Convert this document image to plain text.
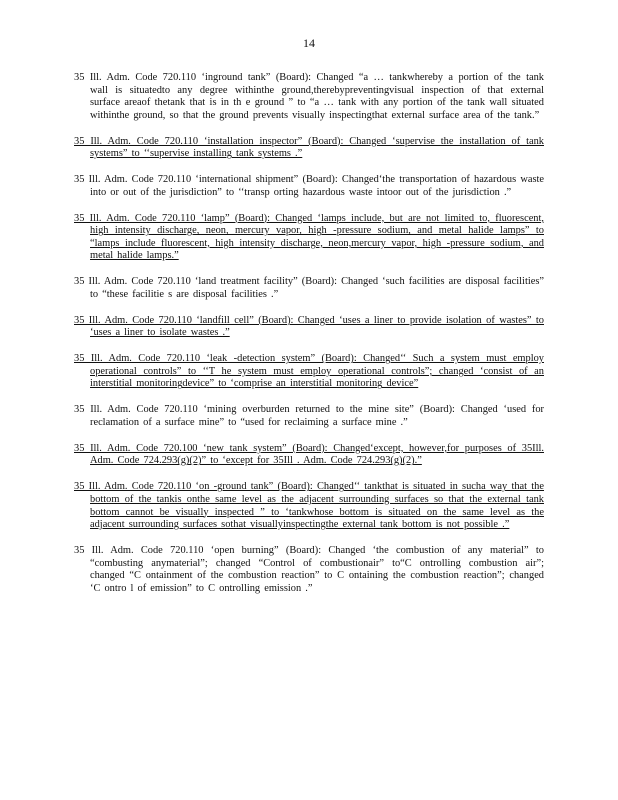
14

35 Ill. Adm. Code 720.110 ‘inground tank” (Board): Changed “a … tankwhereby a portion of the tank wall is situatedto any degree withinthe ground,therebypreventingvisual inspection of that external surface areaof thetank that is in th e ground ” to “a … tank with any portion of the tank wall situated withinthe ground, so that the ground prevents visually inspectingthat external surface area of the tank.”

35 Ill. Adm. Code 720.110 ‘installation inspector” (Board): Changed ‘supervise the installation of tank systems” to ‘‘supervise installing tank systems .”

35 Ill. Adm. Code 720.110 ‘international shipment” (Board): Changed‘the transportation of hazardous waste into or out of the jurisdiction” to ‘‘transp orting hazardous waste intoor out of the jurisdiction .”

35 Ill. Adm. Code 720.110 ‘lamp” (Board): Changed ‘lamps include, but are not limited to, fluorescent, high intensity discharge, neon, mercury vapor, high -pressure sodium, and metal halide lamps” to “lamps include fluorescent, high intensity discharge, neon,mercury vapor, high -pressure sodium, and metal halide lamps.”

35 Ill. Adm. Code 720.110 ‘land treatment facility” (Board): Changed ‘such facilities are disposal facilities” to “these facilitie s are disposal facilities .”

35 Ill. Adm. Code 720.110 ‘landfill cell” (Board): Changed ‘uses a liner to provide isolation of wastes” to ‘uses a liner to isolate wastes .”

35 Ill. Adm. Code 720.110 ‘leak -detection system” (Board): Changed‘‘ Such a system must employ operational controls” to ‘‘T he system must employ operational controls”; changed ‘consist of an interstitial monitoringdevice” to ‘comprise an interstitial monitoring device”

35 Ill. Adm. Code 720.110 ‘mining overburden returned to the mine site” (Board): Changed ‘used for reclamation of a surface mine” to “used for reclaiming a surface mine .”

35 Ill. Adm. Code 720.100 ‘new tank system” (Board): Changed‘except, however,for purposes of 35Ill. Adm. Code 724.293(g)(2)” to ‘except for 35Ill . Adm. Code 724.293(g)(2).”

35 Ill. Adm. Code 720.110 ‘on -ground tank” (Board): Changed‘‘ tankthat is situated in sucha way that the bottom of the tankis onthe same level as the adjacent surrounding surfaces so that the external tank bottom cannot be visually inspected ” to ‘tankwhose bottom is situated on the same level as the adjacent surrounding surfaces sothat visuallyinspectingthe external tank bottom is not possible .”

35 Ill. Adm. Code 720.110 ‘open burning” (Board): Changed ‘the combustion of any material” to “combusting anymaterial”; changed “Control of combustionair” to“C ontrolling combustion air”; changed “C ontainment of the combustion reaction” to C ontaining the combustion reaction”; changed ‘C ontro l of emission” to C ontrolling emission .”
